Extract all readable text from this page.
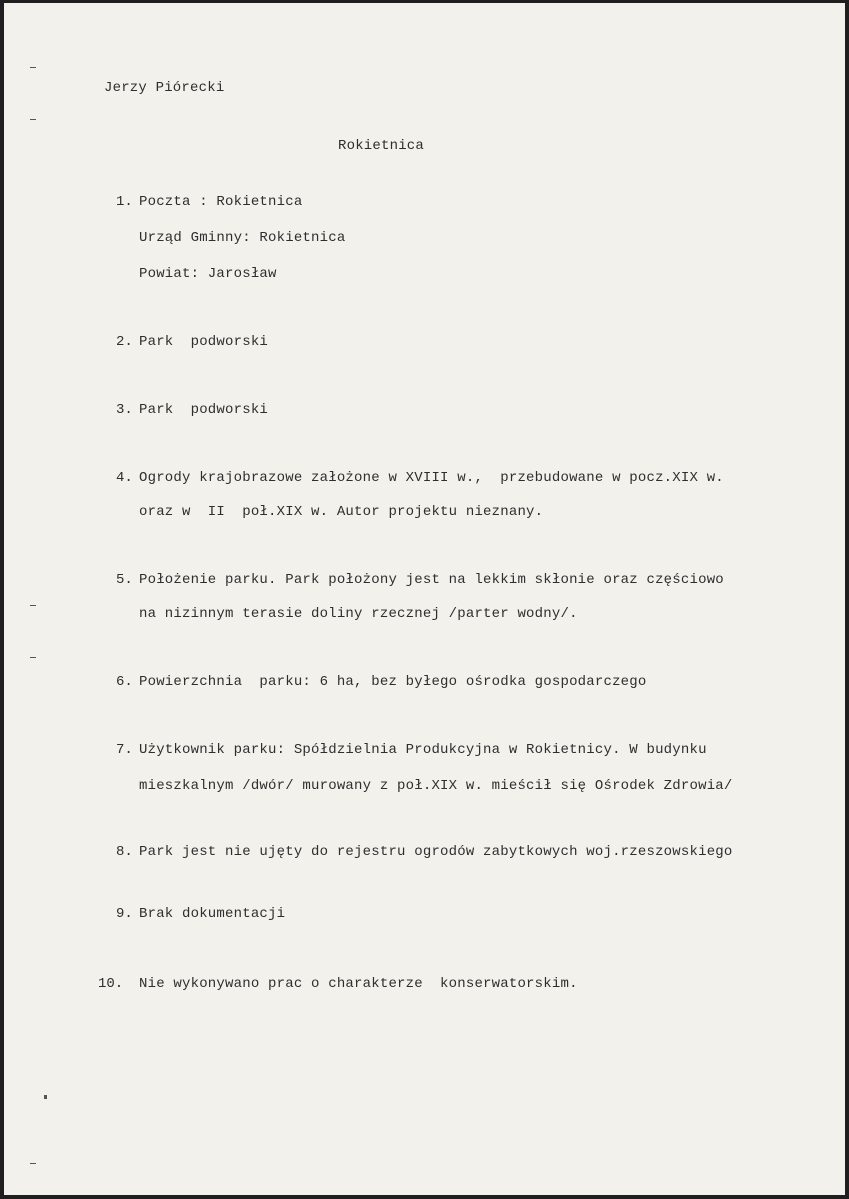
Jerzy Piórecki
Rokietnica
1. Poczta : Rokietnica
Urząd Gminny: Rokietnica
Powiat: Jarosław
2. Park  podworski
3. Park  podworski
4. Ogrody krajobrazowe założone w XVIII w.,  przebudowane w pocz.XIX w.
oraz w  II  poł.XIX w. Autor projektu nieznany.
5. Położenie parku. Park położony jest na lekkim skłonie oraz częściowo
na nizinnym terasie doliny rzecznej /parter wodny/.
6. Powierzchnia  parku: 6 ha, bez byłego ośrodka gospodarczego
7. Użytkownik parku: Spółdzielnia Produkcyjna w Rokietnicy. W budynku
mieszkalnym /dwór/ murowany z poł.XIX w. mieścił się Ośrodek Zdrowia/
8. Park jest nie ujęty do rejestru ogrodów zabytkowych woj.rzeszowskiego
9. Brak dokumentacji
10. Nie wykonywano prac o charakterze  konserwatorskim.
